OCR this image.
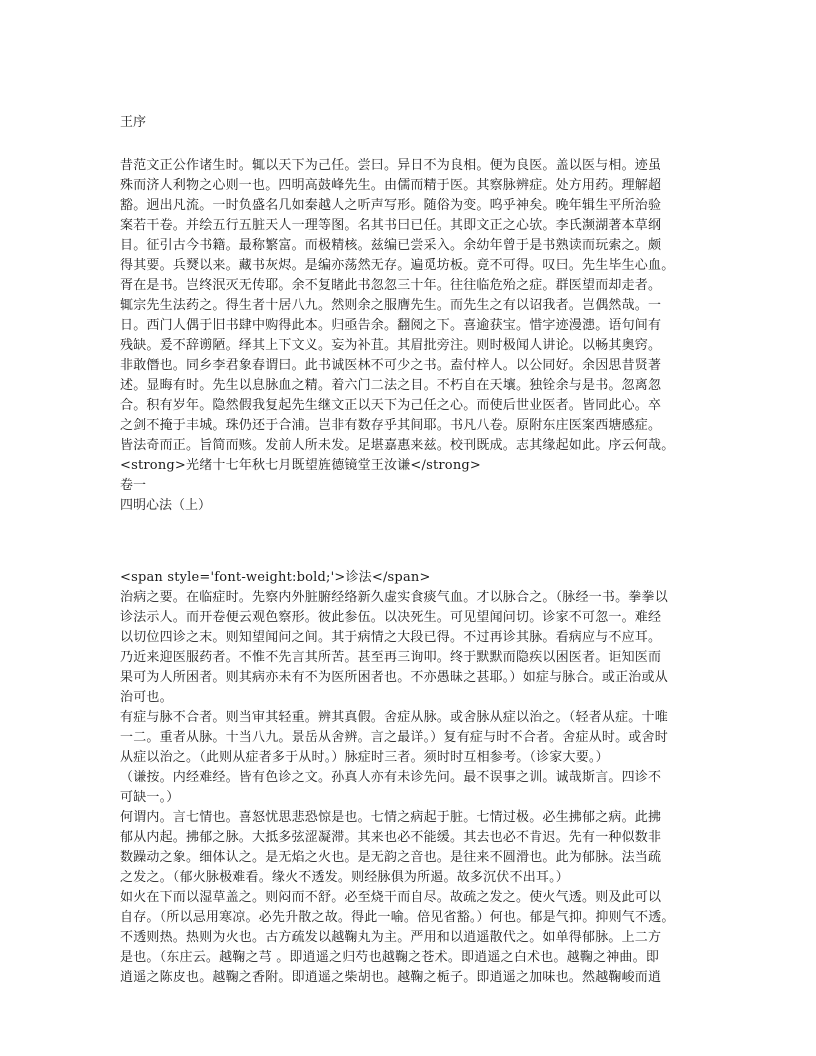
王序
昔范文正公作诸生时。辄以天下为己任。尝曰。异日不为良相。便为良医。盖以医与相。迹虽
殊而济人利物之心则一也。四明高鼓峰先生。由儒而精于医。其察脉辨症。处方用药。理解超
豁。迥出凡流。一时负盛名几如秦越人之听声写形。随俗为变。呜乎神矣。晚年辑生平所治验
案若干卷。并绘五行五脏天人一理等图。名其书曰已任。其即文正之心欤。李氏濒湖著本草纲
目。征引古今书籍。最称繁富。而极精核。兹编已尝采入。余幼年曾于是书熟读而玩索之。颇
得其要。兵燹以来。藏书灰烬。是编亦荡然无存。遍觅坊板。竟不可得。叹曰。先生毕生心血。
胥在是书。岂终泯灭无传耶。余不复睹此书忽忽三十年。往往临危殆之症。群医望而却走者。
辄宗先生法药之。得生者十居八九。然则余之服膺先生。而先生之有以诏我者。岂偶然哉。一
日。西门人偶于旧书肆中购得此本。归亟告余。翻阅之下。喜逾获宝。惜字迹漫漶。语句间有
残缺。爰不辞谫陋。绎其上下文义。妄为补苴。其眉批旁注。则时极闻人讲论。以畅其奥窍。
非敢僭也。同乡李君象春谓曰。此书诚医林不可少之书。盍付梓人。以公同好。余因思昔贤著
述。显晦有时。先生以息脉血之精。着六门二法之目。不朽自在天壤。独铨余与是书。忽离忽
合。积有岁年。隐然假我复起先生继文正以天下为己任之心。而使后世业医者。皆同此心。卒
之剑不掩于丰城。珠仍还于合浦。岂非有数存乎其间耶。书凡八卷。原附东庄医案西塘感症。
皆法奇而正。旨简而赅。发前人所未发。足堪嘉惠来兹。校刊既成。志其缘起如此。序云何哉。
<strong>光绪十七年秋七月既望旌德镜堂王汝谦</strong>
卷一
四明心法（上）
<span style='font-weight:bold;'>诊法</span>
治病之要。在临症时。先察内外脏腑经络新久虚实食痰气血。才以脉合之。（脉经一书。拳拳以
诊法示人。而开卷便云观色察形。彼此参伍。以决死生。可见望闻问切。诊家不可忽一。难经
以切位四诊之末。则知望闻问之间。其于病情之大段已得。不过再诊其脉。看病应与不应耳。
乃近来迎医服药者。不惟不先言其所苦。甚至再三询叩。终于默默而隐疾以困医者。讵知医而
果可为人所困者。则其病亦未有不为医所困者也。不亦愚昧之甚耶。）如症与脉合。或正治或从
治可也。
有症与脉不合者。则当审其轻重。辨其真假。舍症从脉。或舍脉从症以治之。（轻者从症。十唯
一二。重者从脉。十当八九。景岳从舍辨。言之最详。）复有症与时不合者。舍症从时。或舍时
从症以治之。（此则从症者多于从时。）脉症时三者。须时时互相参考。（诊家大要。）
（谦按。内经难经。皆有色诊之文。孙真人亦有未诊先问。最不误事之训。诚哉斯言。四诊不
可缺一。）
何谓内。言七情也。喜怒忧思悲恐惊是也。七情之病起于脏。七情过极。必生拂郁之病。此拂
郁从内起。拂郁之脉。大抵多弦涩凝滞。其来也必不能缓。其去也必不肯迟。先有一种似数非
数躁动之象。细体认之。是无焰之火也。是无韵之音也。是往来不圆滑也。此为郁脉。法当疏
之发之。（郁火脉极难看。缘火不透发。则经脉俱为所遏。故多沉伏不出耳。）
如火在下而以湿草盖之。则闷而不舒。必至烧干而自尽。故疏之发之。使火气透。则及此可以
自存。（所以忌用寒凉。必先升散之故。得此一喻。倍见省豁。）何也。郁是气抑。抑则气不透。
不透则热。热则为火也。古方疏发以越鞠丸为主。严用和以逍遥散代之。如单得郁脉。上二方
是也。（东庄云。越鞠之芎 。即逍遥之归芍也越鞠之苍术。即逍遥之白术也。越鞠之神曲。即
逍遥之陈皮也。越鞠之香附。即逍遥之柴胡也。越鞠之栀子。即逍遥之加味也。然越鞠峻而逍
